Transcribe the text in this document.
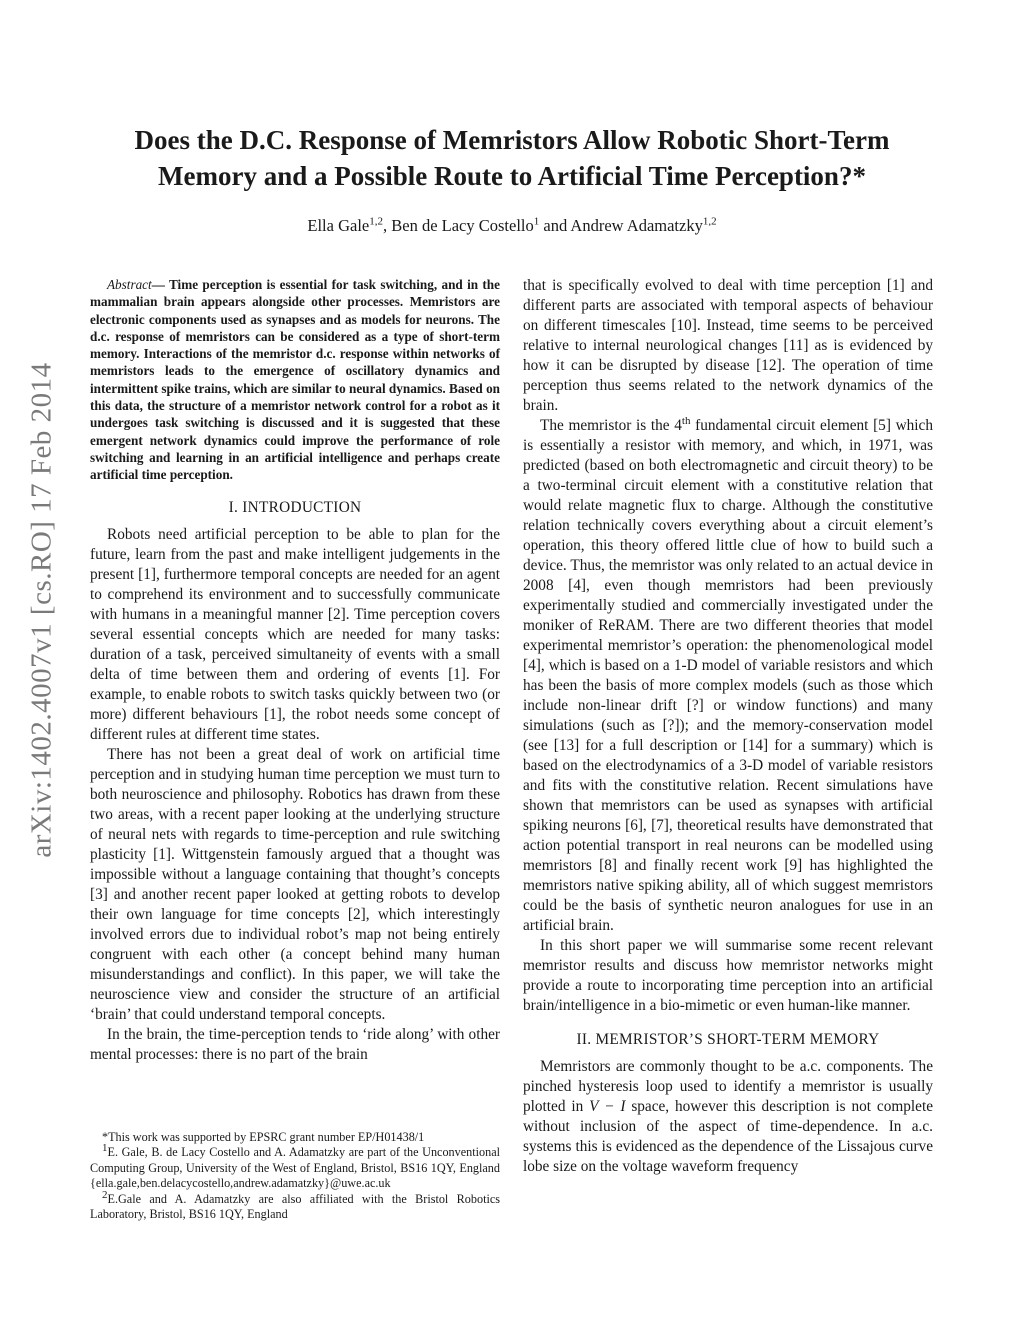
Does the D.C. Response of Memristors Allow Robotic Short-Term
Memory and a Possible Route to Artificial Time Perception?*
Ella Gale$^{1,2}$, Ben de Lacy Costello$^1$ and Andrew Adamatzky$^{1,2}$
arXiv:1402.4007v1 [cs.RO] 17 Feb 2014

Abstract— Time perception is essential for task switching, and in the mammalian brain appears alongside other processes. Memristors are electronic components used as synapses and as models for neurons. The d.c. response of memristors can be considered as a type of short-term memory. Interactions of the memristor d.c. response within networks of memristors leads to the emergence of oscillatory dynamics and intermittent spike trains, which are similar to neural dynamics. Based on this data, the structure of a memristor network control for a robot as it undergoes task switching is discussed and it is suggested that these emergent network dynamics could improve the performance of role switching and learning in an artificial intelligence and perhaps create artificial time perception.

I. INTRODUCTION

Robots need artificial perception to be able to plan for the future, learn from the past and make intelligent judgements in the present [1], furthermore temporal concepts are needed for an agent to comprehend its environment and to successfully communicate with humans in a meaningful manner [2]. Time perception covers several essential concepts which are needed for many tasks: duration of a task, perceived simultaneity of events with a small delta of time between them and ordering of events [1]. For example, to enable robots to switch tasks quickly between two (or more) different behaviours [1], the robot needs some concept of different rules at different time states.

There has not been a great deal of work on artificial time perception and in studying human time perception we must turn to both neuroscience and philosophy. Robotics has drawn from these two areas, with a recent paper looking at the underlying structure of neural nets with regards to time-perception and rule switching plasticity [1]. Wittgenstein famously argued that a thought was impossible without a language containing that thought’s concepts [3] and another recent paper looked at getting robots to develop their own language for time concepts [2], which interestingly involved errors due to individual robot’s map not being entirely congruent with each other (a concept behind many human misunderstandings and conflict). In this paper, we will take the neuroscience view and consider the structure of an artificial ‘brain’ that could understand temporal concepts.

In the brain, the time-perception tends to ‘ride along’ with other mental processes: there is no part of the brain

*This work was supported by EPSRC grant number EP/H01438/1

$^1$E. Gale, B. de Lacy Costello and A. Adamatzky are part of the Unconventional Computing Group, University of the West of England, Bristol, BS16 1QY, England {ella.gale,ben.delacycostello,andrew.adamatzky}@uwe.ac.uk

$^2$E.Gale and A. Adamatzky are also affiliated with the Bristol Robotics Laboratory, Bristol, BS16 1QY, England

that is specifically evolved to deal with time perception [1] and different parts are associated with temporal aspects of behaviour on different timescales [10]. Instead, time seems to be perceived relative to internal neurological changes [11] as is evidenced by how it can be disrupted by disease [12]. The operation of time perception thus seems related to the network dynamics of the brain.

The memristor is the 4th fundamental circuit element [5] which is essentially a resistor with memory, and which, in 1971, was predicted (based on both electromagnetic and circuit theory) to be a two-terminal circuit element with a constitutive relation that would relate magnetic flux to charge. Although the constitutive relation technically covers everything about a circuit element’s operation, this theory offered little clue of how to build such a device. Thus, the memristor was only related to an actual device in 2008 [4], even though memristors had been previously experimentally studied and commercially investigated under the moniker of ReRAM. There are two different theories that model experimental memristor’s operation: the phenomenological model [4], which is based on a 1-D model of variable resistors and which has been the basis of more complex models (such as those which include non-linear drift [?] or window functions) and many simulations (such as [?]); and the memory-conservation model (see [13] for a full description or [14] for a summary) which is based on the electrodynamics of a 3-D model of variable resistors and fits with the constitutive relation. Recent simulations have shown that memristors can be used as synapses with artificial spiking neurons [6], [7], theoretical results have demonstrated that action potential transport in real neurons can be modelled using memristors [8] and finally recent work [9] has highlighted the memristors native spiking ability, all of which suggest memristors could be the basis of synthetic neuron analogues for use in an artificial brain.

In this short paper we will summarise some recent relevant memristor results and discuss how memristor networks might provide a route to incorporating time perception into an artificial brain/intelligence in a bio-mimetic or even human-like manner.

II. MEMRISTOR’S SHORT-TERM MEMORY

Memristors are commonly thought to be a.c. components. The pinched hysteresis loop used to identify a memristor is usually plotted in V − I space, however this description is not complete without inclusion of the aspect of time-dependence. In a.c. systems this is evidenced as the dependence of the Lissajous curve lobe size on the voltage waveform frequency
